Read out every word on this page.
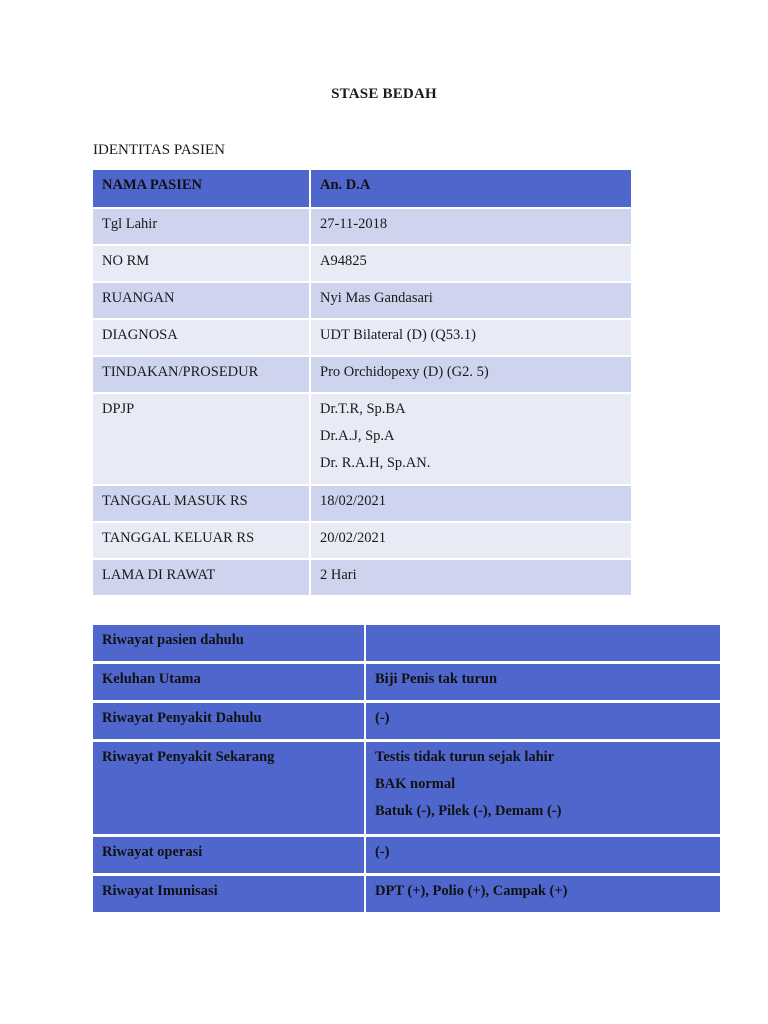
STASE BEDAH
IDENTITAS PASIEN
NAMA PASIEN	An. D.A
Tgl Lahir	27-11-2018

NO RM	A94825

RUANGAN	Nyi Mas Gandasari

DIAGNOSA	UDT Bilateral (D) (Q53.1)

TINDAKAN/PROSEDUR	Pro Orchidopexy (D) (G2. 5)

DPJP	Dr.T.R, Sp.BA
Dr.A.J, Sp.A
Dr. R.A.H, Sp.AN.

TANGGAL MASUK RS	18/02/2021

TANGGAL KELUAR RS	20/02/2021

LAMA DI RAWAT	2 Hari
Riwayat pasien dahulu	

Keluhan Utama	Biji Penis tak turun

Riwayat Penyakit Dahulu	(-)

Riwayat Penyakit Sekarang	Testis tidak turun sejak lahir
BAK normal
Batuk (-), Pilek (-), Demam (-)

Riwayat operasi	(-)

Riwayat Imunisasi	DPT (+), Polio (+), Campak (+)
